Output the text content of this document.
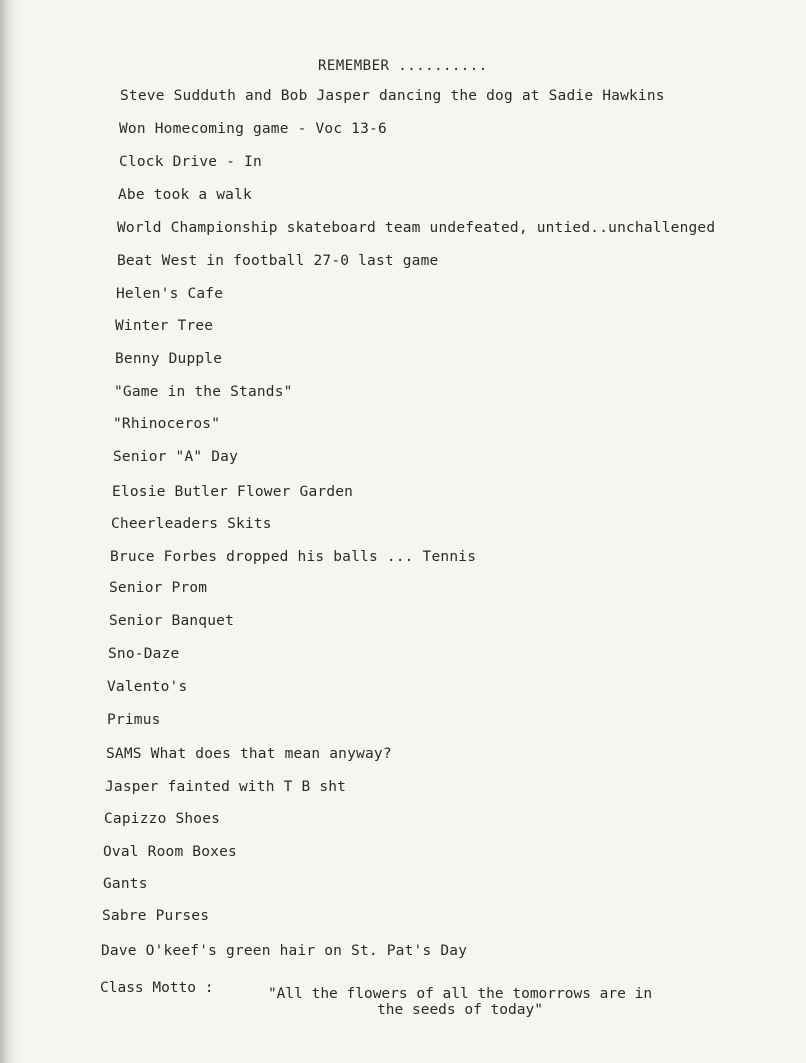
REMEMBER ..........
Steve Sudduth and Bob Jasper dancing the dog at Sadie Hawkins
Won Homecoming game - Voc 13-6
Clock Drive - In
Abe took a walk
World Championship skateboard team undefeated, untied..unchallenged
Beat West in football 27-0 last game
Helen's Cafe
Winter Tree
Benny Dupple
"Game in the Stands"
"Rhinoceros"
Senior "A" Day
Elosie Butler Flower Garden
Cheerleaders Skits
Bruce Forbes dropped his balls ... Tennis
Senior Prom
Senior Banquet
Sno-Daze
Valento's
Primus
SAMS What does that mean anyway?
Jasper fainted with T B sht
Capizzo Shoes
Oval Room Boxes
Gants
Sabre Purses
Dave O'keef's green hair on St. Pat's Day
Class Motto :	"All the flowers of all the tomorrows are in
the seeds of today"
